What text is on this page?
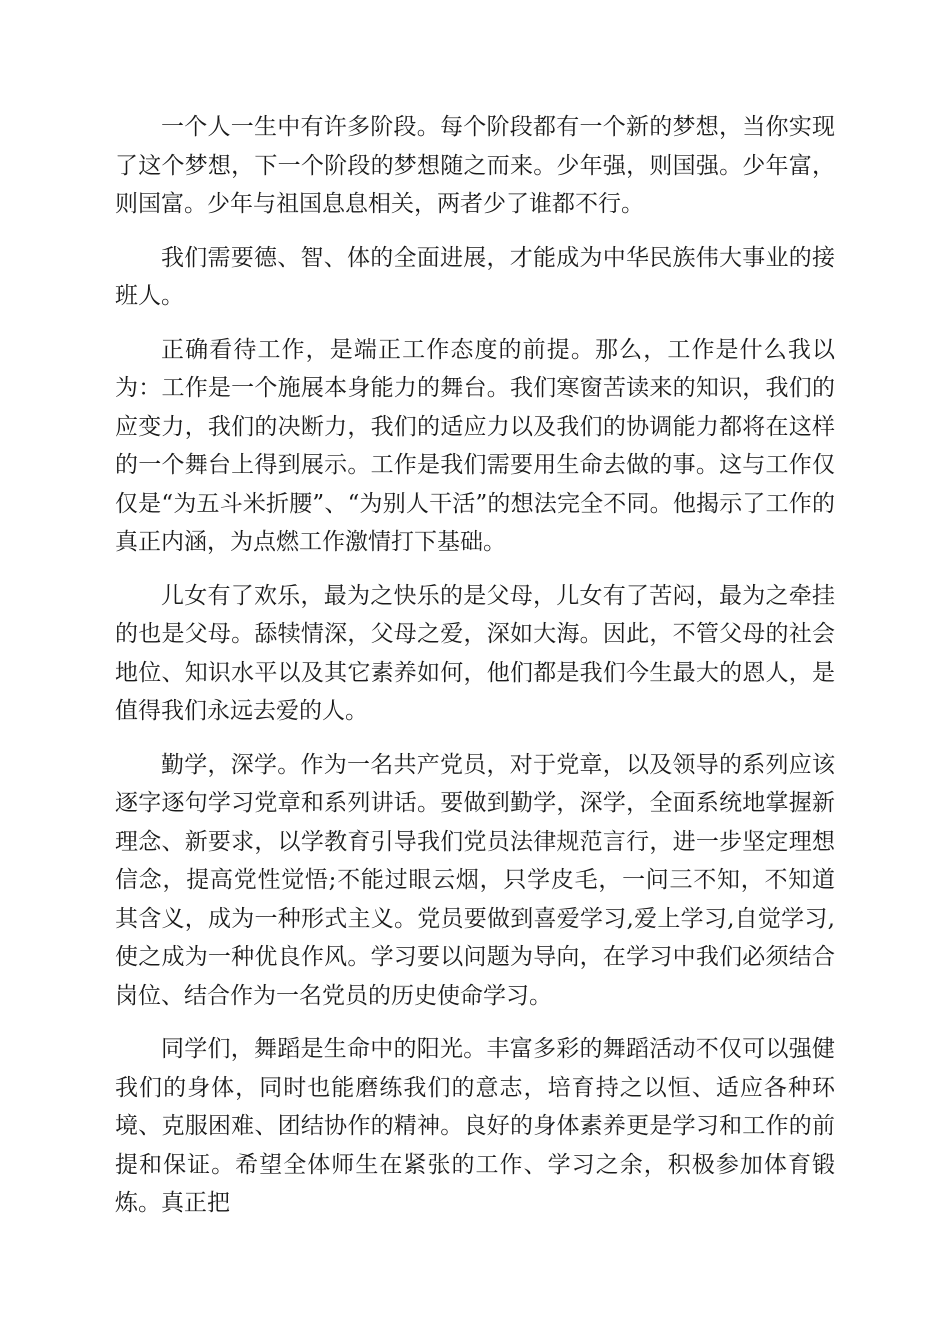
一个人一生中有许多阶段。每个阶段都有一个新的梦想，当你实现了这个梦想，下一个阶段的梦想随之而来。少年强，则国强。少年富，则国富。少年与祖国息息相关，两者少了谁都不行。

我们需要德、智、体的全面进展，才能成为中华民族伟大事业的接班人。

正确看待工作，是端正工作态度的前提。那么，工作是什么我以为：工作是一个施展本身能力的舞台。我们寒窗苦读来的知识，我们的应变力，我们的决断力，我们的适应力以及我们的协调能力都将在这样的一个舞台上得到展示。工作是我们需要用生命去做的事。这与工作仅仅是“为五斗米折腰”、“为别人干活”的想法完全不同。他揭示了工作的真正内涵，为点燃工作激情打下基础。

儿女有了欢乐，最为之快乐的是父母，儿女有了苦闷，最为之牵挂的也是父母。舔犊情深，父母之爱，深如大海。因此，不管父母的社会地位、知识水平以及其它素养如何，他们都是我们今生最大的恩人，是值得我们永远去爱的人。

勤学，深学。作为一名共产党员，对于党章，以及领导的系列应该逐字逐句学习党章和系列讲话。要做到勤学，深学，全面系统地掌握新理念、新要求，以学教育引导我们党员法律规范言行，进一步坚定理想信念，提高党性觉悟;不能过眼云烟，只学皮毛，一问三不知，不知道其含义，成为一种形式主义。党员要做到喜爱学习,爱上学习,自觉学习,使之成为一种优良作风。学习要以问题为导向，在学习中我们必须结合岗位、结合作为一名党员的历史使命学习。

同学们，舞蹈是生命中的阳光。丰富多彩的舞蹈活动不仅可以强健我们的身体，同时也能磨练我们的意志，培育持之以恒、适应各种环境、克服困难、团结协作的精神。良好的身体素养更是学习和工作的前提和保证。希望全体师生在紧张的工作、学习之余，积极参加体育锻炼。真正把
